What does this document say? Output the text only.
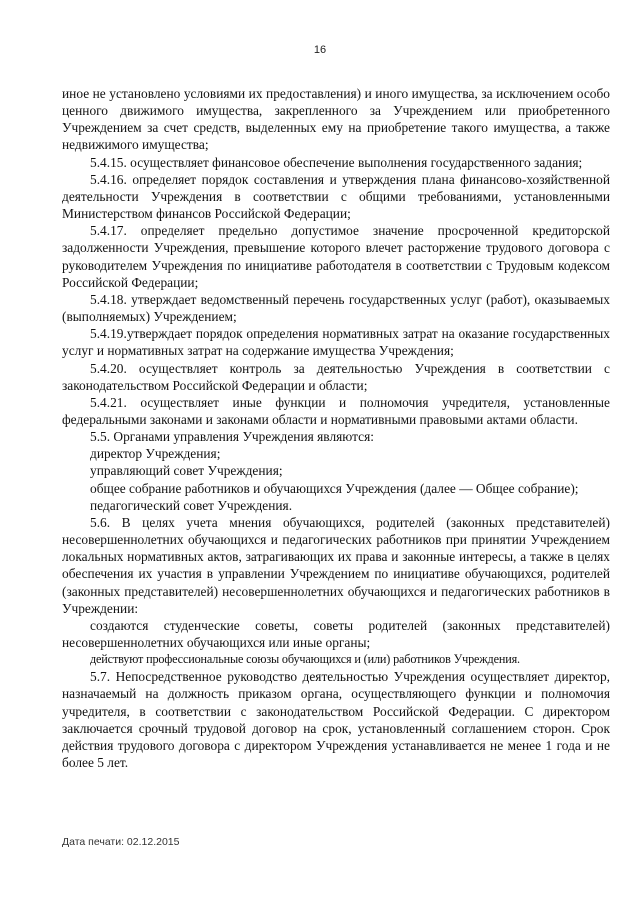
16

иное не установлено условиями их предоставления) и иного имущества, за исключением особо ценного движимого имущества, закрепленного за Учреждением или приобретенного Учреждением за счет средств, выделенных ему на приобретение такого имущества, а также недвижимого имущества;

5.4.15. осуществляет финансовое обеспечение выполнения государственного задания;

5.4.16. определяет порядок составления и утверждения плана финансово-хозяйственной деятельности Учреждения в соответствии с общими требованиями, установленными Министерством финансов Российской Федерации;

5.4.17. определяет предельно допустимое значение просроченной кредиторской задолженности Учреждения, превышение которого влечет расторжение трудового договора с руководителем Учреждения по инициативе работодателя в соответствии с Трудовым кодексом Российской Федерации;

5.4.18. утверждает ведомственный перечень государственных услуг (работ), оказываемых (выполняемых) Учреждением;

5.4.19.утверждает порядок определения нормативных затрат на оказание государственных услуг и нормативных затрат на содержание имущества Учреждения;

5.4.20. осуществляет контроль за деятельностью Учреждения в соответствии с законодательством Российской Федерации и области;

5.4.21. осуществляет иные функции и полномочия учредителя, установленные федеральными законами и законами области и нормативными правовыми актами области.

5.5. Органами управления Учреждения являются:

директор Учреждения;

управляющий совет Учреждения;

общее собрание работников и обучающихся Учреждения (далее — Общее собрание);

педагогический совет Учреждения.

5.6. В целях учета мнения обучающихся, родителей (законных представителей) несовершеннолетних обучающихся и педагогических работников при принятии Учреждением локальных нормативных актов, затрагивающих их права и законные интересы, а также в целях обеспечения их участия в управлении Учреждением по инициативе обучающихся, родителей (законных представителей) несовершеннолетних обучающихся и педагогических работников в Учреждении:

создаются студенческие советы, советы родителей (законных представителей) несовершеннолетних обучающихся или иные органы;

действуют профессиональные союзы обучающихся и (или) работников Учреждения.

5.7. Непосредственное руководство деятельностью Учреждения осуществляет директор, назначаемый на должность приказом органа, осуществляющего функции и полномочия учредителя, в соответствии с законодательством Российской Федерации. С директором заключается срочный трудовой договор на срок, установленный соглашением сторон. Срок действия трудового договора с директором Учреждения устанавливается не менее 1 года и не более 5 лет.

Дата печати: 02.12.2015
